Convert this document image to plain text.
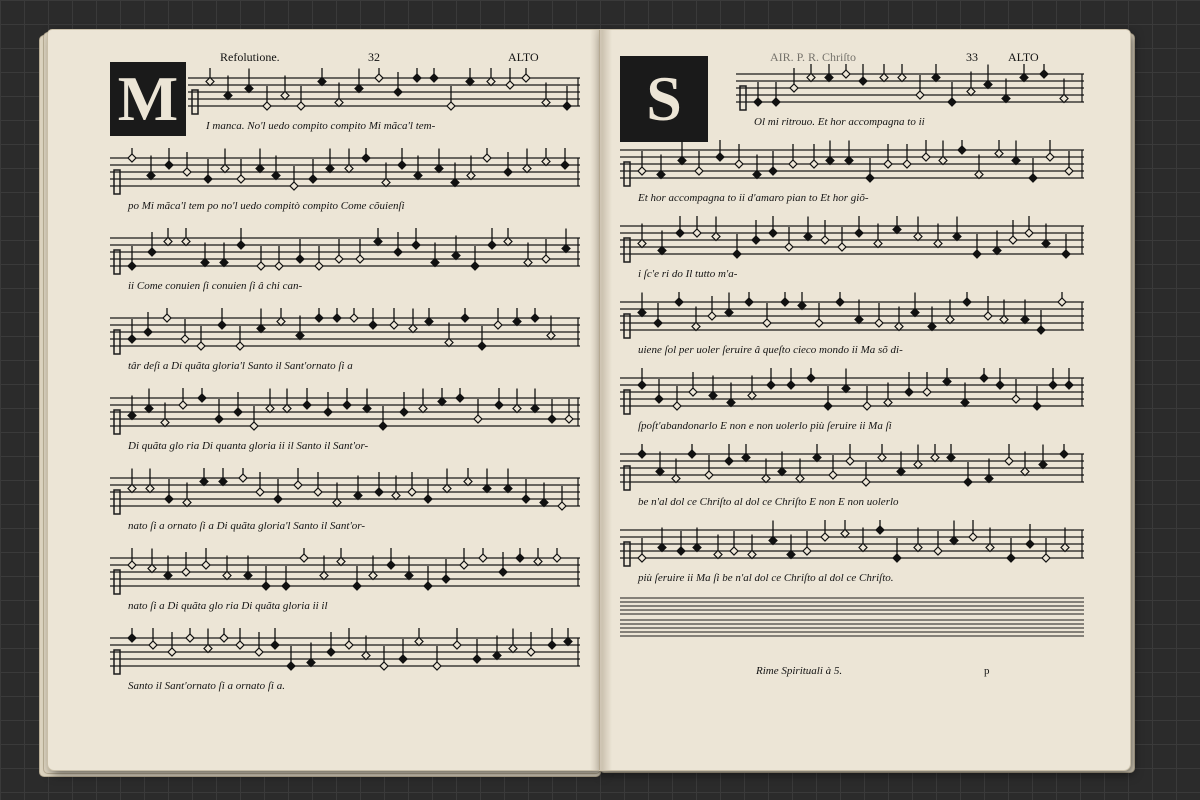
Refolutione.	32	ALTO
M	I manca. No'l uedo compito compito Mi mãca'l tem-
po Mi mãca'l tem po no'l uedo compitò compito Come cõuienſi
ii Come conuien ſi conuien ſi â chi can-
târ deſi a Di quãta gloria'l Santo il Sant'ornato ſi a
Di quãta glo ria Di quanta gloria ii il Santo il Sant'or-
nato ſi a ornato ſi a Di quãta gloria'l Santo il Sant'or-
nato ſi a Di quãta glo ria Di quãta gloria ii il
Santo il Sant'ornato ſi a ornato ſi a.
AIR. P. R. Chriſto	33	ALTO
S	Ol mi ritrouo. Et hor accompagna to ii
Et hor accompagna to ii d'amaro pian to Et hor giõ-
i ſc'e ri do Il tutto m'a-
uiene ſol per uoler ſeruire â queſto cieco mondo ii Ma sõ di-
ſpoſt'abandonarlo E non e non uolerlo più ſeruire ii Ma ſi
be n'al dol ce Chriſto al dol ce Chriſto E non E non uolerlo
più ſeruire ii Ma ſi be n'al dol ce Chriſto al dol ce Chriſto.
Rime Spirituali à 5.	p
